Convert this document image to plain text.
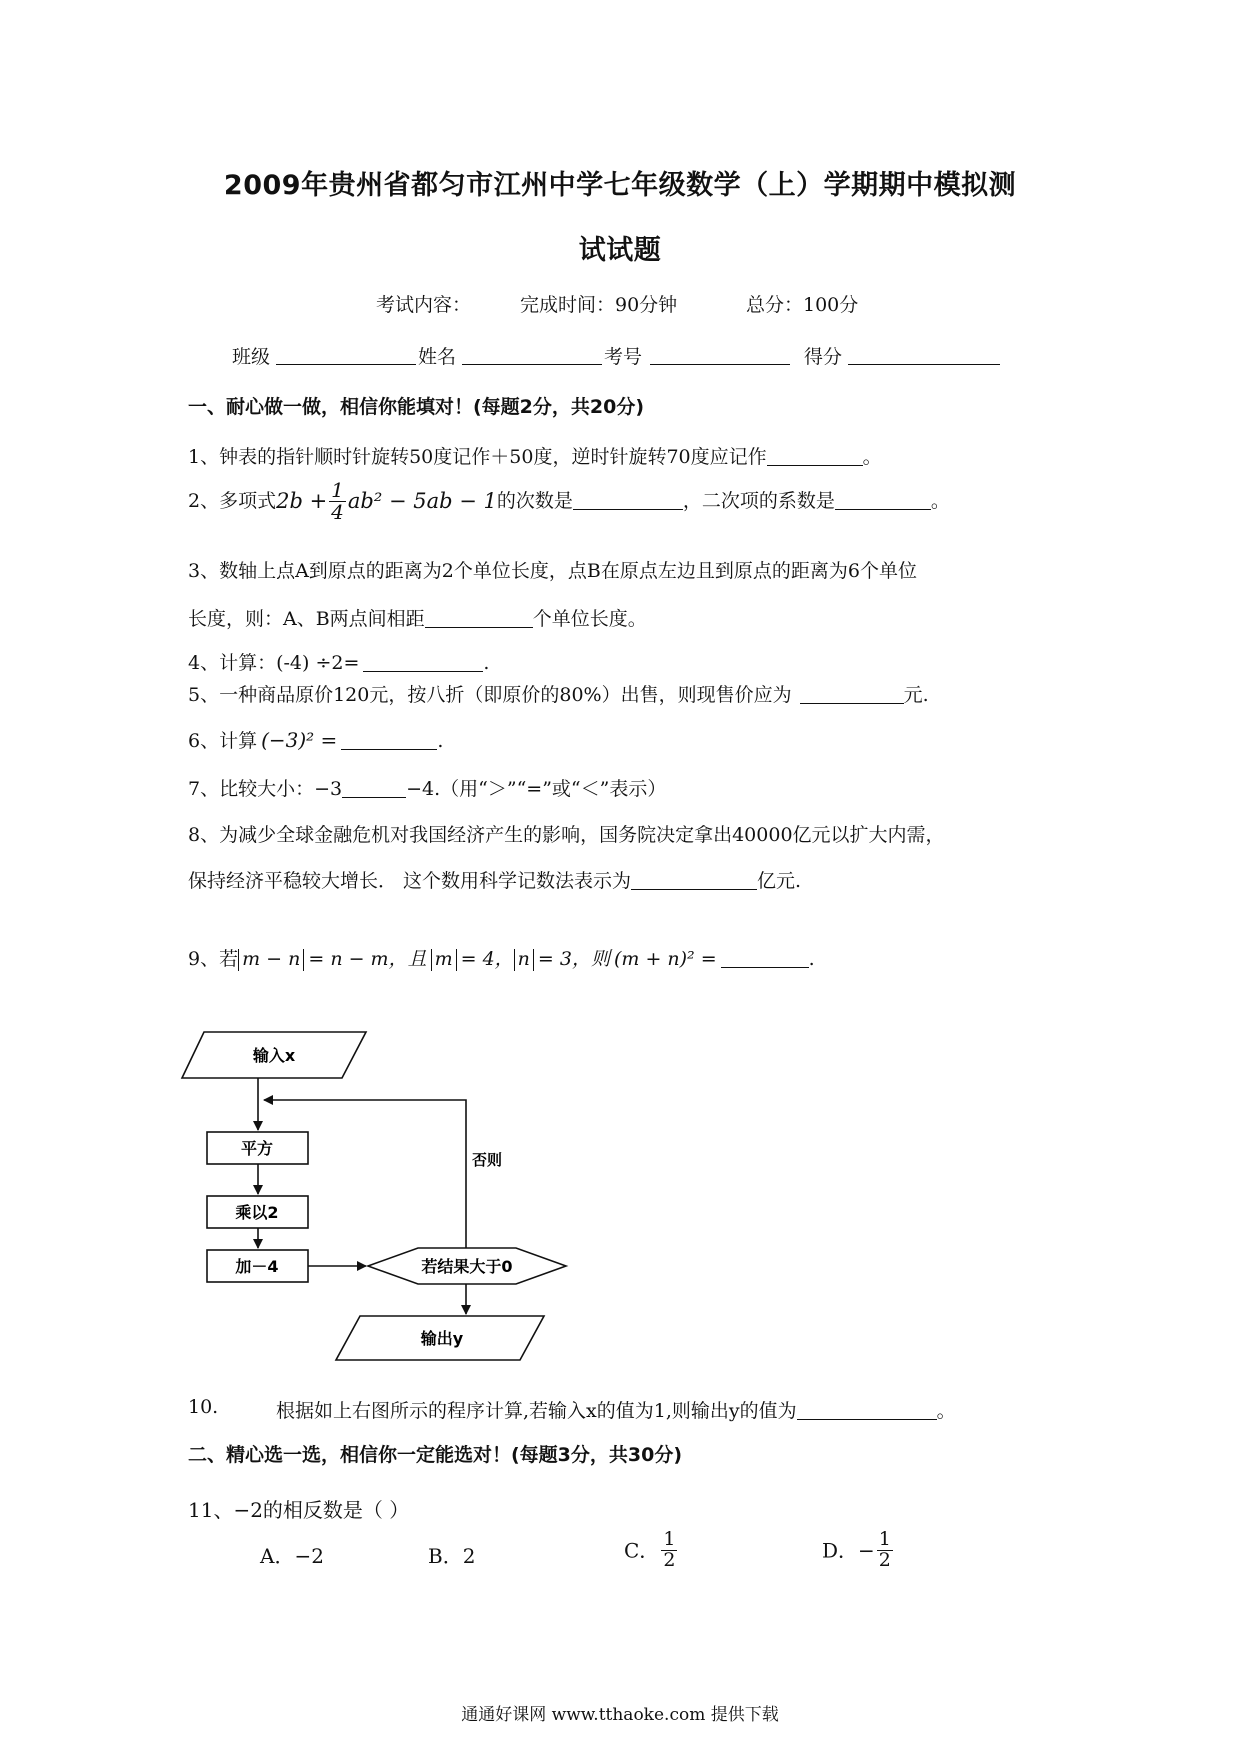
2009年贵州省都匀市江州中学七年级数学（上）学期期中模拟测
试试题
考试内容：	完成时间：90分钟	总分：100分
班级	姓名	考号	得分
一、耐心做一做，相信你能填对！(每题2分，共20分)
1、钟表的指针顺时针旋转50度记作＋50度，逆时针旋转70度应记作	。
2、多项式$2b + \frac{1}{4} ab^2 - 5ab - 1$的次数是	，二次项的系数是	。
3、数轴上点A到原点的距离为2个单位长度，点B在原点左边且到原点的距离为6个单位
长度，则：A、B两点间相距	个单位长度。
4、计算：(-4) ÷2=	.
5、一种商品原价120元，按八折（即原价的80%）出售，则现售价应为	元.
6、计算 (−3)² =	.
7、比较大小：−3	−4.（用“＞”“=”或“＜”表示）
8、为减少全球金融危机对我国经济产生的影响，国务院决定拿出40000亿元以扩大内需，
保持经济平稳较大增长． 这个数用科学记数法表示为	亿元.
9、若 m − n = n − m，且 m = 4， n = 3，则 (m + n)² =	.
输入x
否则
平方
乘以2
加－4	若结果大于0
输出y
10.	根据如上右图所示的程序计算,若输入x的值为1,则输出y的值为	。
二、精心选一选，相信你一定能选对！(每题3分，共30分)
11、−2的相反数是（ ）
A．−2	B．2	C． $\frac{1}{2}$	D．− $\frac{1}{2}$
通通好课网 www.tthaoke.com 提供下载
